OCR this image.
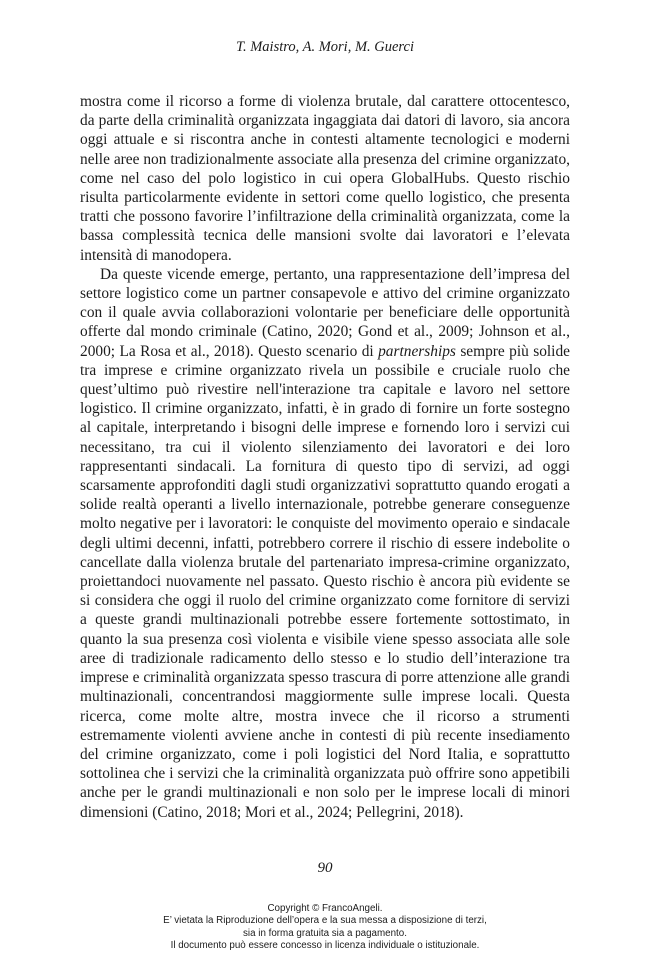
T. Maistro, A. Mori, M. Guerci

mostra come il ricorso a forme di violenza brutale, dal carattere ottocentesco, da parte della criminalità organizzata ingaggiata dai datori di lavoro, sia ancora oggi attuale e si riscontra anche in contesti altamente tecnologici e moderni nelle aree non tradizionalmente associate alla presenza del crimine organizzato, come nel caso del polo logistico in cui opera GlobalHubs. Questo rischio risulta particolarmente evidente in settori come quello logistico, che presenta tratti che possono favorire l’infiltrazione della criminalità organizzata, come la bassa complessità tecnica delle mansioni svolte dai lavoratori e l’elevata intensità di manodopera.

Da queste vicende emerge, pertanto, una rappresentazione dell’impresa del settore logistico come un partner consapevole e attivo del crimine organizzato con il quale avvia collaborazioni volontarie per beneficiare delle opportunità offerte dal mondo criminale (Catino, 2020; Gond et al., 2009; Johnson et al., 2000; La Rosa et al., 2018). Questo scenario di partnerships sempre più solide tra imprese e crimine organizzato rivela un possibile e cruciale ruolo che quest’ultimo può rivestire nell'interazione tra capitale e lavoro nel settore logistico. Il crimine organizzato, infatti, è in grado di fornire un forte sostegno al capitale, interpretando i bisogni delle imprese e fornendo loro i servizi cui necessitano, tra cui il violento silenziamento dei lavoratori e dei loro rappresentanti sindacali. La fornitura di questo tipo di servizi, ad oggi scarsamente approfonditi dagli studi organizzativi soprattutto quando erogati a solide realtà operanti a livello internazionale, potrebbe generare conseguenze molto negative per i lavoratori: le conquiste del movimento operaio e sindacale degli ultimi decenni, infatti, potrebbero correre il rischio di essere indebolite o cancellate dalla violenza brutale del partenariato impresa-crimine organizzato, proiettandoci nuovamente nel passato. Questo rischio è ancora più evidente se si considera che oggi il ruolo del crimine organizzato come fornitore di servizi a queste grandi multinazionali potrebbe essere fortemente sottostimato, in quanto la sua presenza così violenta e visibile viene spesso associata alle sole aree di tradizionale radicamento dello stesso e lo studio dell’interazione tra imprese e criminalità organizzata spesso trascura di porre attenzione alle grandi multinazionali, concentrandosi maggiormente sulle imprese locali. Questa ricerca, come molte altre, mostra invece che il ricorso a strumenti estremamente violenti avviene anche in contesti di più recente insediamento del crimine organizzato, come i poli logistici del Nord Italia, e soprattutto sottolinea che i servizi che la criminalità organizzata può offrire sono appetibili anche per le grandi multinazionali e non solo per le imprese locali di minori dimensioni (Catino, 2018; Mori et al., 2024; Pellegrini, 2018).

90
Copyright © FrancoAngeli.
E’ vietata la Riproduzione dell’opera e la sua messa a disposizione di terzi,
sia in forma gratuita sia a pagamento.
Il documento può essere concesso in licenza individuale o istituzionale.
